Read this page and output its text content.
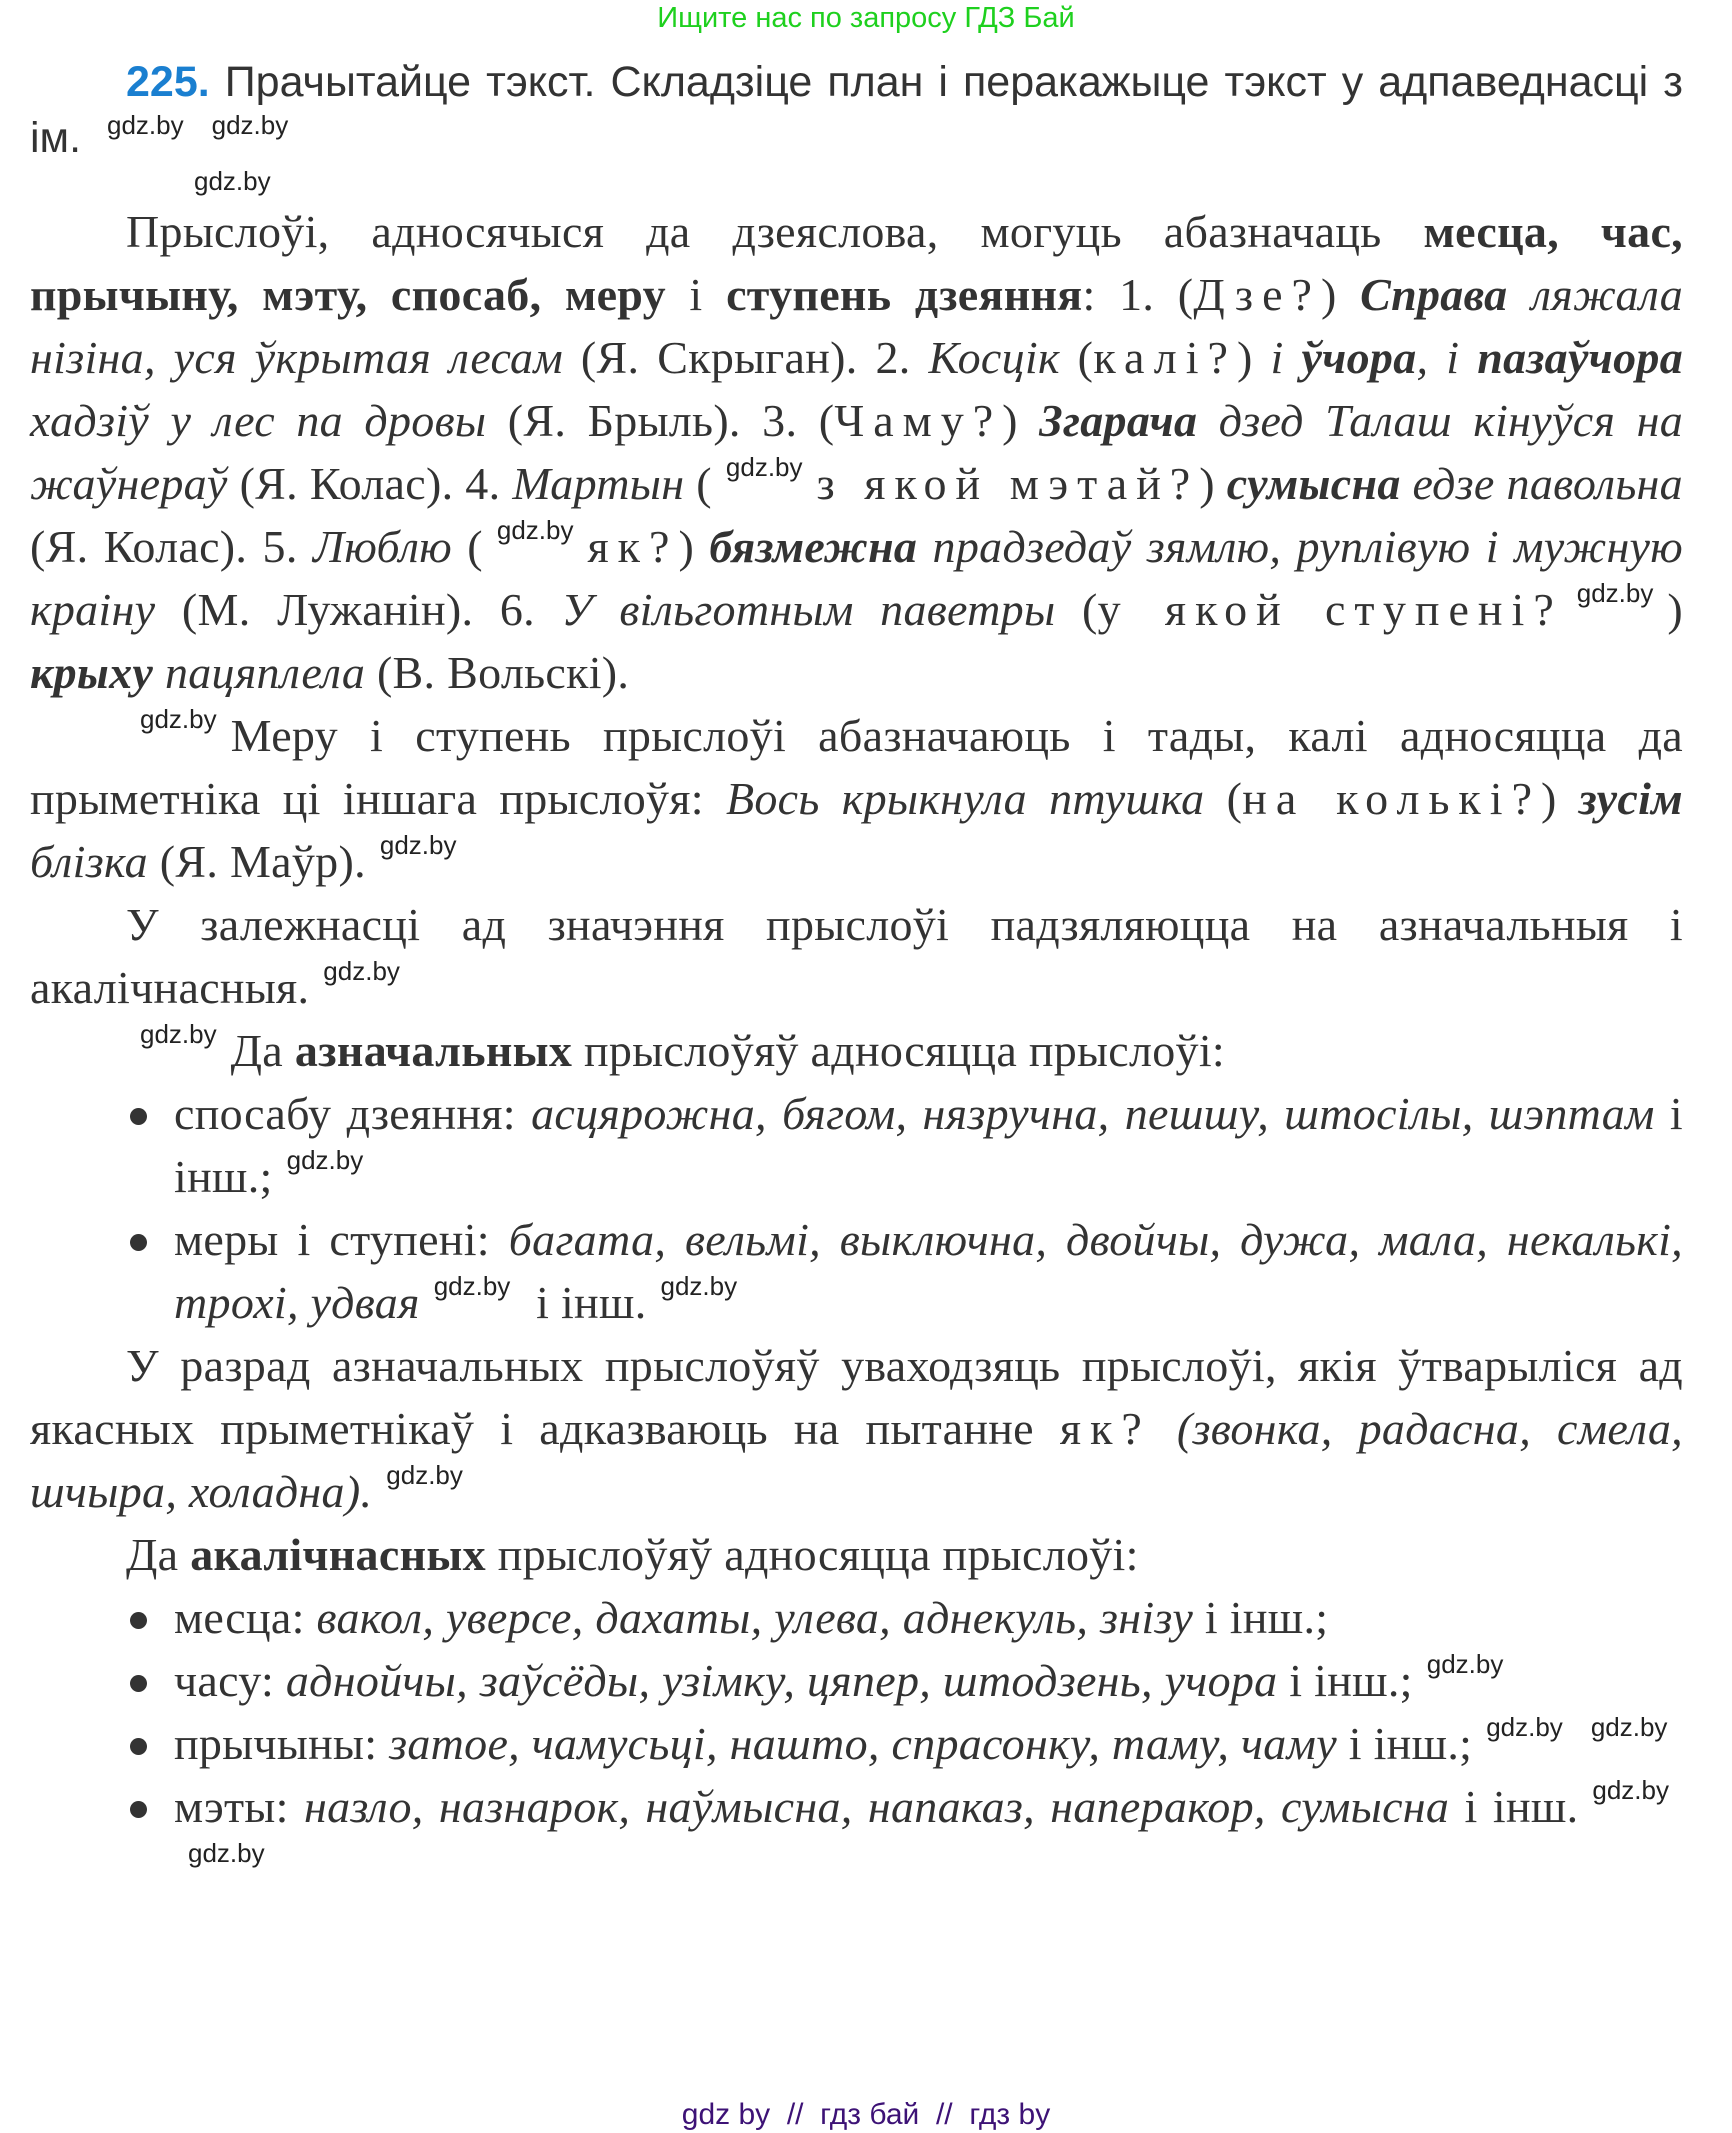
Ищите нас по запросу ГДЗ Бай
225. Прачытайце тэкст. Складзіце план і перакажыце тэкст у адпаведнасці з ім. gdz.by gdz.by
gdz.by
Прыслоўі, адносячыся да дзеяслова, могуць абазначаць месца, час, прычыну, мэту, спосаб, меру і ступень дзеяння: 1. (Дзе?) Справа ляжала нізіна, уся ўкрытая лесам (Я. Скрыган). 2. Косцік (калі?) і ўчора, і пазаўчора хадзіў у лес па дровы (Я. Брыль). 3. (Чаму?) Згарача дзед Талаш кінуўся на жаўнераў (Я. Колас). 4. Мартын ( gdz.by з якой мэтай?) сумысна едзе павольна (Я. Колас). 5. Люблю ( gdz.by як?) бязмежна прадзедаў зямлю, руплівую і мужную краіну (М. Лужанін). 6. У вільготным паветры (у якой ступені? gdz.by ) крыху пацяплела (В. Вольскі).
gdz.by Меру і ступень прыслоўі абазначаюць і тады, калі адносяцца да прыметніка ці іншага прыслоўя: Вось крыкнула птушка (на колькі?) зусім блізка (Я. Маўр). gdz.by
У залежнасці ад значэння прыслоўі падзяляюцца на азначальныя і акалічнасныя. gdz.by
gdz.by Да азначальных прыслоўяў адносяцца прыслоўі:
спосабу дзеяння: асцярожна, бягом, нязручна, пешшу, штосілы, шэптам і інш.; gdz.by
меры і ступені: багата, вельмі, выключна, двойчы, дужа, мала, некалькі, трохі, удвая gdz.by і інш. gdz.by
У разрад азначальных прыслоўяў уваходзяць прыслоўі, якія ўтварыліся ад якасных прыметнікаў і адказваюць на пытанне як? (звонка, радасна, смела, шчыра, холадна). gdz.by
Да акалічнасных прыслоўяў адносяцца прыслоўі:
месца: вакол, уверсе, дахаты, улева, аднекуль, знізу і інш.;
часу: аднойчы, заўсёды, узімку, цяпер, штодзень, учора і інш.; gdz.by
прычыны: затое, чамусьці, нашто, спрасонку, таму, чаму і інш.; gdz.by gdz.by
мэты: назло, назнарок, наўмысна, напаказ, наперакор, сумысна і інш. gdz.bygdz.by
gdz by  //  гдз бай  //  гдз by
